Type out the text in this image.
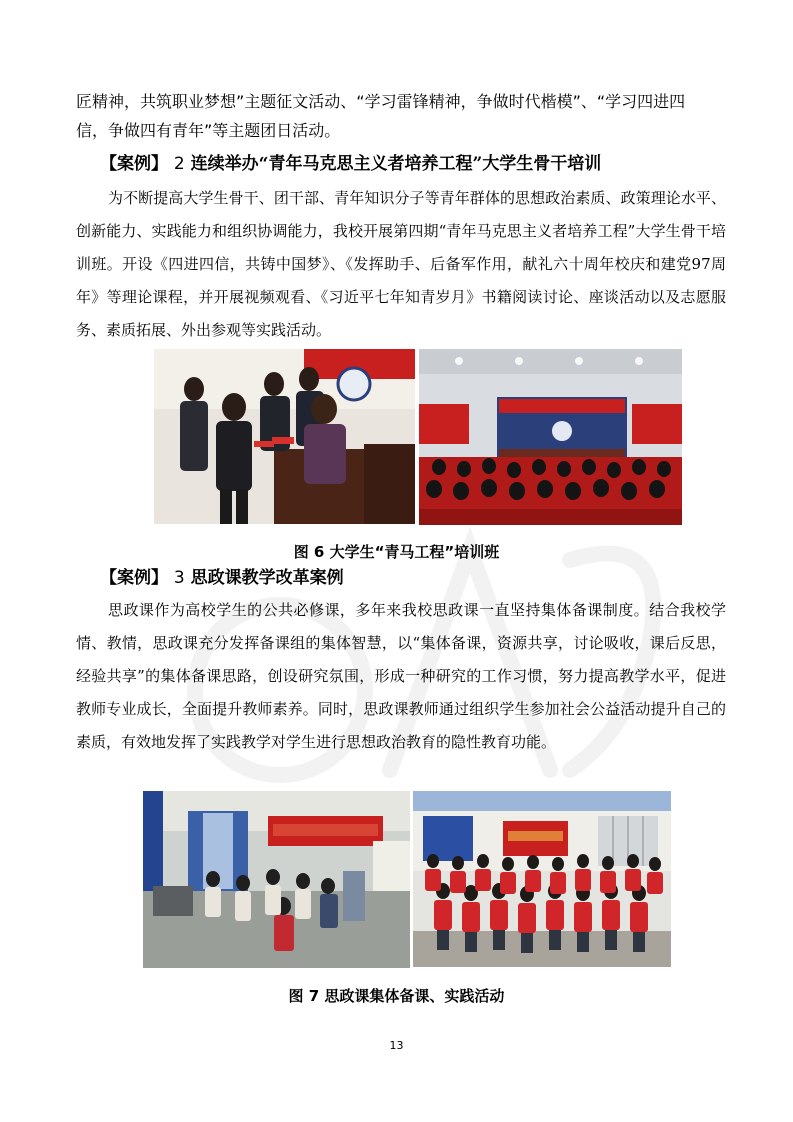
匠精神，共筑职业梦想”主题征文活动、“学习雷锋精神，争做时代楷模”、“学习四进四
信，争做四有青年”等主题团日活动。
【案例】 2 连续举办“青年马克思主义者培养工程”大学生骨干培训
为不断提高大学生骨干、团干部、青年知识分子等青年群体的思想政治素质、政策理论水平、创新能力、实践能力和组织协调能力，我校开展第四期“青年马克思主义者培养工程”大学生骨干培训班。开设《四进四信，共铸中国梦》、《发挥助手、后备军作用，献礼六十周年校庆和建党97周年》等理论课程，并开展视频观看、《习近平七年知青岁月》书籍阅读讨论、座谈活动以及志愿服务、素质拓展、外出参观等实践活动。
图 6 大学生“青马工程”培训班
【案例】 3 思政课教学改革案例
思政课作为高校学生的公共必修课，多年来我校思政课一直坚持集体备课制度。结合我校学情、教情，思政课充分发挥备课组的集体智慧，以“集体备课，资源共享，讨论吸收，课后反思，经验共享”的集体备课思路，创设研究氛围，形成一种研究的工作习惯，努力提高教学水平，促进教师专业成长，全面提升教师素养。同时，思政课教师通过组织学生参加社会公益活动提升自己的素质，有效地发挥了实践教学对学生进行思想政治教育的隐性教育功能。
图 7 思政课集体备课、实践活动
13
